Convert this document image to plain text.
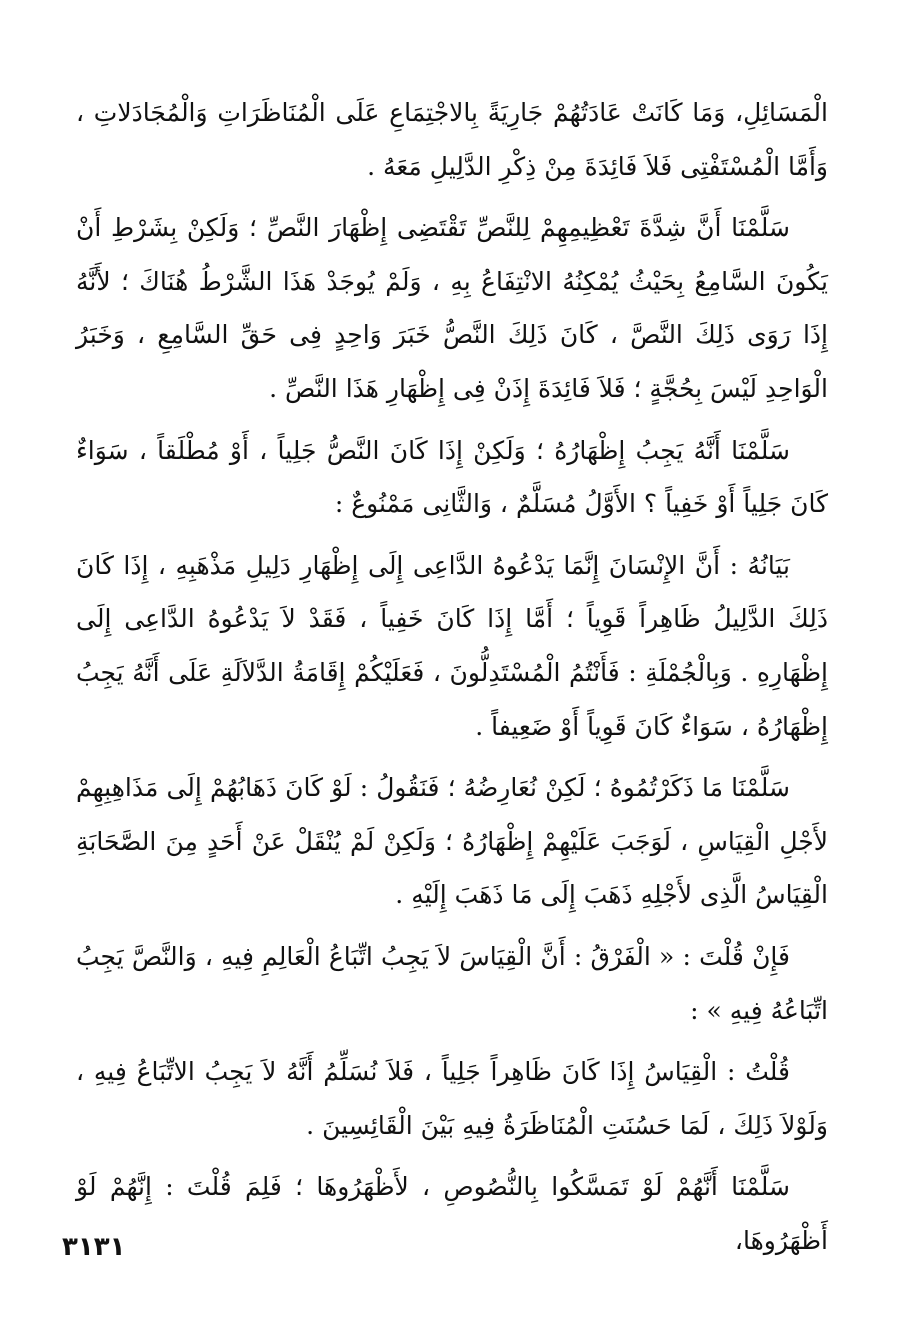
الْمَسَائِلِ، وَمَا كَانَتْ عَادَتُهُمْ جَارِيَةً بِالاجْتِمَاعِ عَلَى الْمُنَاظَرَاتِ وَالْمُجَادَلاتِ ، وَأَمَّا الْمُسْتَفْتِى فَلاَ فَائِدَةَ مِنْ ذِكْرِ الدَّلِيلِ مَعَهُ .

سَلَّمْنَا أَنَّ شِدَّةَ تَعْظِيمِهِمْ لِلنَّصِّ تَقْتَضِى إِظْهَارَ النَّصِّ ؛ وَلَكِنْ بِشَرْطِ أَنْ يَكُونَ السَّامِعُ بِحَيْثُ يُمْكِنُهُ الانْتِفَاعُ بِهِ ، وَلَمْ يُوجَدْ هَذَا الشَّرْطُ هُنَاكَ ؛ لأَنَّهُ إِذَا رَوَى ذَلِكَ النَّصَّ ، كَانَ ذَلِكَ النَّصُّ خَبَرَ وَاحِدٍ فِى حَقِّ السَّامِعِ ، وَخَبَرُ الْوَاحِدِ لَيْسَ بِحُجَّةٍ ؛ فَلاَ فَائِدَةَ إِذَنْ فِى إِظْهَارِ هَذَا النَّصِّ .

سَلَّمْنَا أَنَّهُ يَجِبُ إِظْهَارُهُ ؛ وَلَكِنْ إِذَا كَانَ النَّصُّ جَلِياً ، أَوْ مُطْلَقاً ، سَوَاءٌ كَانَ جَلِياً أَوْ خَفِياً ؟ الأَوَّلُ مُسَلَّمٌ ، وَالثَّانِى مَمْنُوعٌ :

بَيَانُهُ : أَنَّ الإِنْسَانَ إِنَّمَا يَدْعُوهُ الدَّاعِى إِلَى إِظْهَارِ دَلِيلِ مَذْهَبِهِ ، إِذَا كَانَ ذَلِكَ الدَّلِيلُ ظَاهِراً قَوِياً ؛ أَمَّا إِذَا كَانَ خَفِياً ، فَقَدْ لاَ يَدْعُوهُ الدَّاعِى إِلَى إِظْهَارِهِ . وَبِالْجُمْلَةِ : فَأَنْتُمُ الْمُسْتَدِلُّونَ ، فَعَلَيْكُمْ إِقَامَةُ الدَّلاَلَةِ عَلَى أَنَّهُ يَجِبُ إِظْهَارُهُ ، سَوَاءٌ كَانَ قَوِياً أَوْ ضَعِيفاً .

سَلَّمْنَا مَا ذَكَرْتُمُوهُ ؛ لَكِنْ نُعَارِضُهُ ؛ فَنَقُولُ : لَوْ كَانَ ذَهَابُهُمْ إِلَى مَذَاهِبِهِمْ لأَجْلِ الْقِيَاسِ ، لَوَجَبَ عَلَيْهِمْ إِظْهَارُهُ ؛ وَلَكِنْ لَمْ يُنْقَلْ عَنْ أَحَدٍ مِنَ الصَّحَابَةِ الْقِيَاسُ الَّذِى لأَجْلِهِ ذَهَبَ إِلَى مَا ذَهَبَ إِلَيْهِ .

فَإِنْ قُلْتَ : « الْفَرْقُ : أَنَّ الْقِيَاسَ لاَ يَجِبُ اتِّبَاعُ الْعَالِمِ فِيهِ ، وَالنَّصَّ يَجِبُ اتِّبَاعُهُ فِيهِ » :

قُلْتُ : الْقِيَاسُ إِذَا كَانَ ظَاهِراً جَلِياً ، فَلاَ نُسَلِّمُ أَنَّهُ لاَ يَجِبُ الاتِّبَاعُ فِيهِ ، وَلَوْلاَ ذَلِكَ ، لَمَا حَسُنَتِ الْمُنَاظَرَةُ فِيهِ بَيْنَ الْقَائِسِينَ .

سَلَّمْنَا أَنَّهُمْ لَوْ تَمَسَّكُوا بِالنُّصُوصِ ، لأَظْهَرُوهَا ؛ فَلِمَ قُلْتَ : إِنَّهُمْ لَوْ أَظْهَرُوهَا،

٣١٣١
